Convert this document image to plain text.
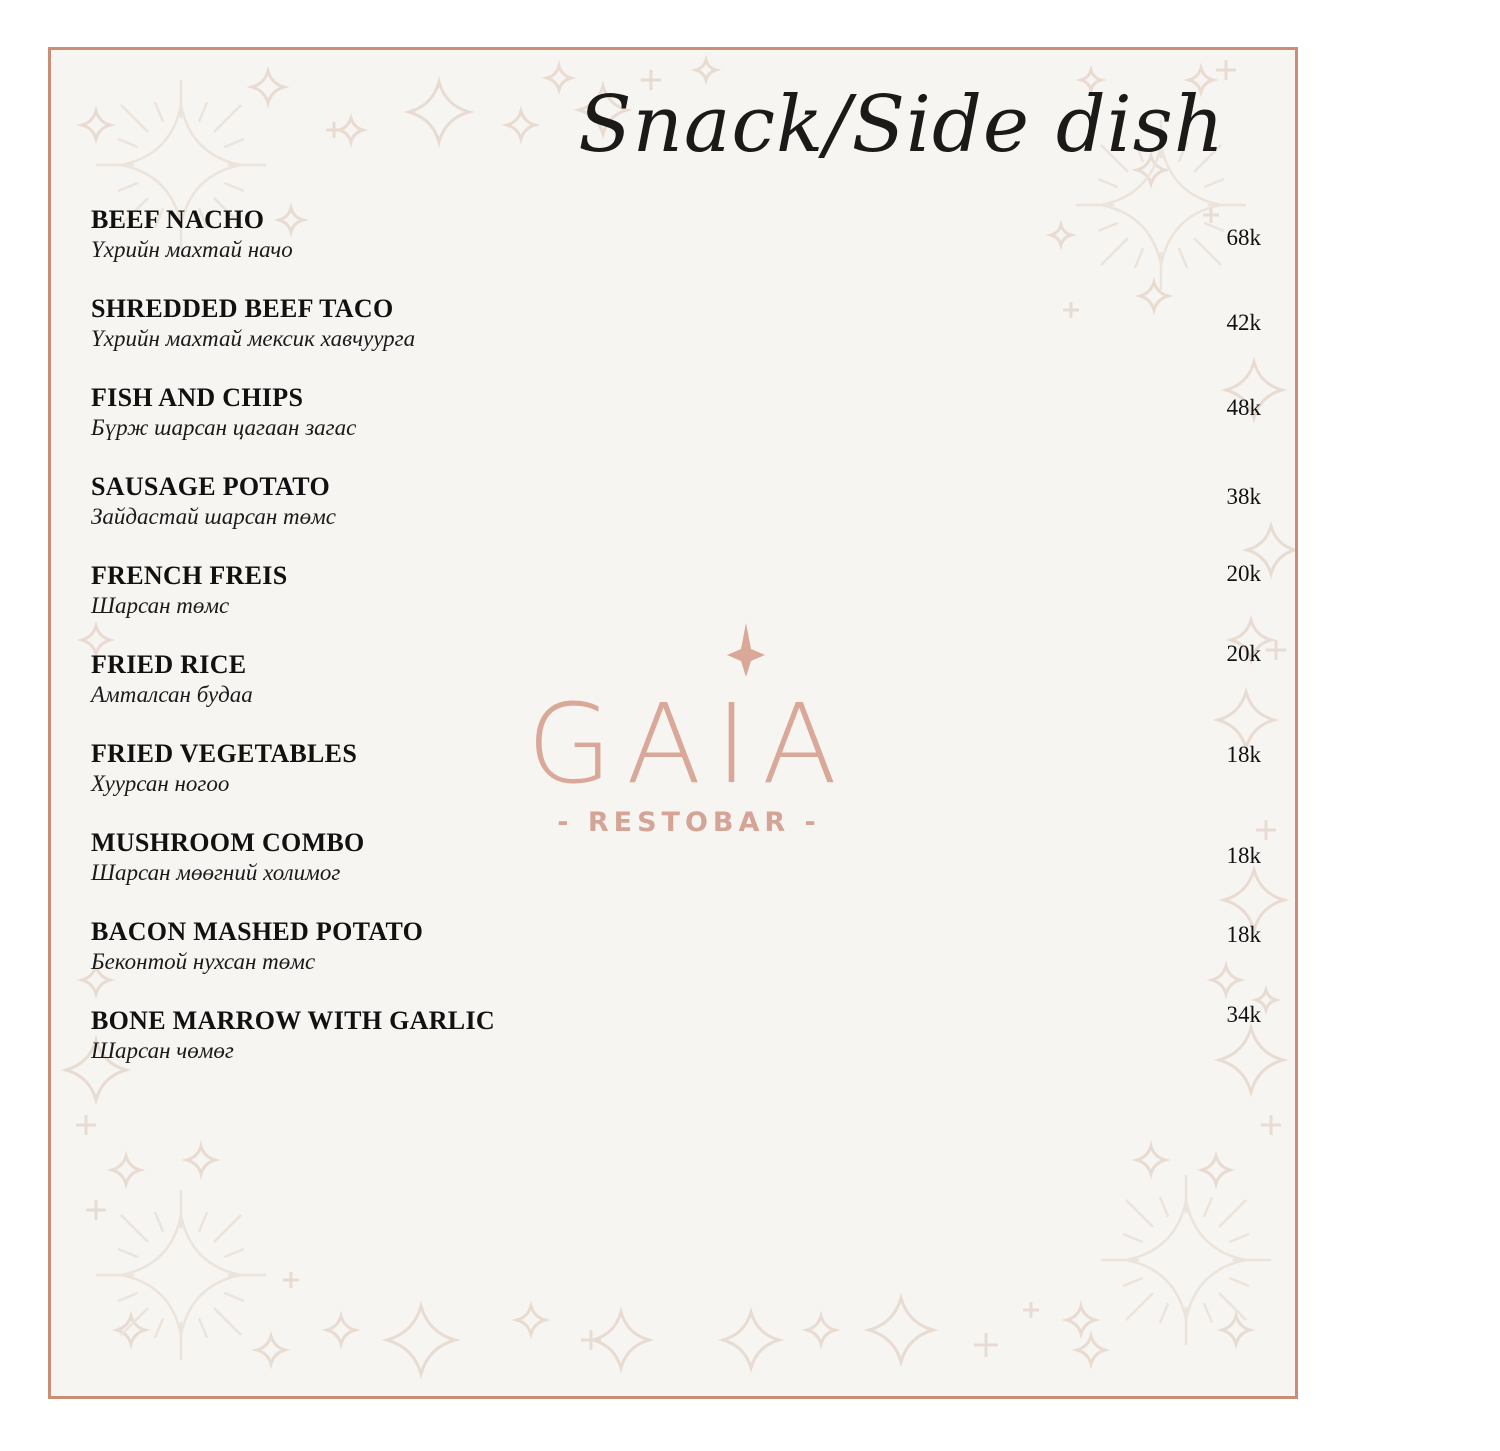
Snack/Side dish
GAIA
- RESTOBAR -
BEEF NACHO
Үхрийн махтай начо	68k
SHREDDED BEEF TACO
Үхрийн махтай мексик хавчуурга
42k
FISH AND CHIPS
Бүрж шарсан цагаан загас
48k
SAUSAGE POTATO
Зайдастай шарсан төмс
38k
FRENCH FREIS
Шарсан төмс
20k
FRIED RICE
Амталсан будаа
20k
FRIED VEGETABLES
Хуурсан ногоо
18k
MUSHROOM COMBO
Шарсан мөөгний холимог
18k
BACON MASHED POTATO
Беконтой нухсан төмс
18k
BONE MARROW WITH GARLIC
Шарсан чөмөг
34k
